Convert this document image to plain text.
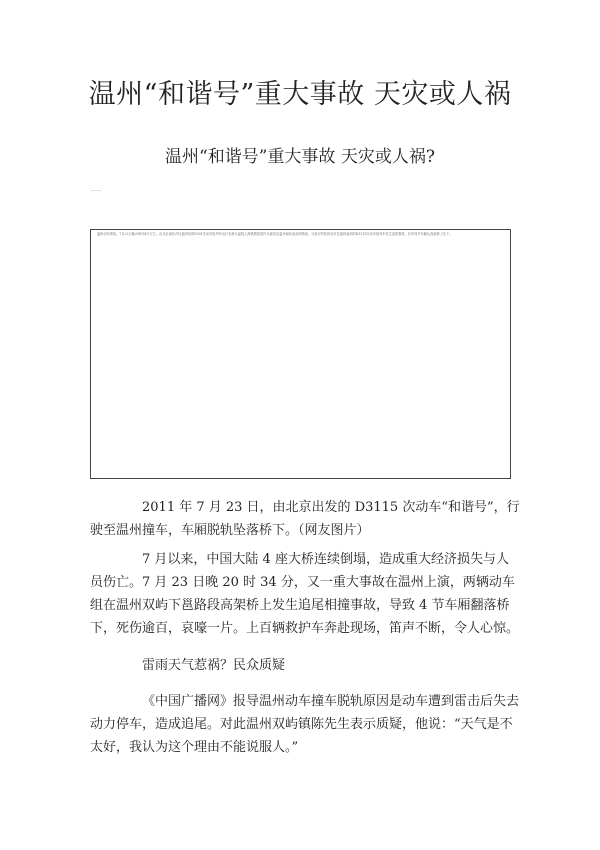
温州“和谐号”重大事故 天灾或人祸
温州“和谐号”重大事故 天灾或人祸?
——
温州动车事故，7月23日晚20时34分左右，由北京南站开往福州站的D301次动车组列车运行至甬台温线上海铁路局管内永嘉站至温州南站间双屿路段，与前行的杭州站开往福州南站的D3115次动车组列车发生追尾事故，后车四节车厢从高架桥上坠下。
2011 年 7 月 23 日，由北京出发的 D3115 次动车“和谐号”，行驶至温州撞车，车厢脱轨坠落桥下。（网友图片）
7 月以来，中国大陆 4 座大桥连续倒塌，造成重大经济损失与人员伤亡。7 月 23 日晚 20 时 34 分，又一重大事故在温州上演，两辆动车组在温州双屿下邕路段高架桥上发生追尾相撞事故，导致 4 节车厢翻落桥下，死伤逾百，哀嚎一片。上百辆救护车奔赴现场，笛声不断，令人心惊。
雷雨天气惹祸？民众质疑
《中国广播网》报导温州动车撞车脱轨原因是动车遭到雷击后失去动力停车，造成追尾。对此温州双屿镇陈先生表示质疑，他说：“天气是不太好，我认为这个理由不能说服人。”
